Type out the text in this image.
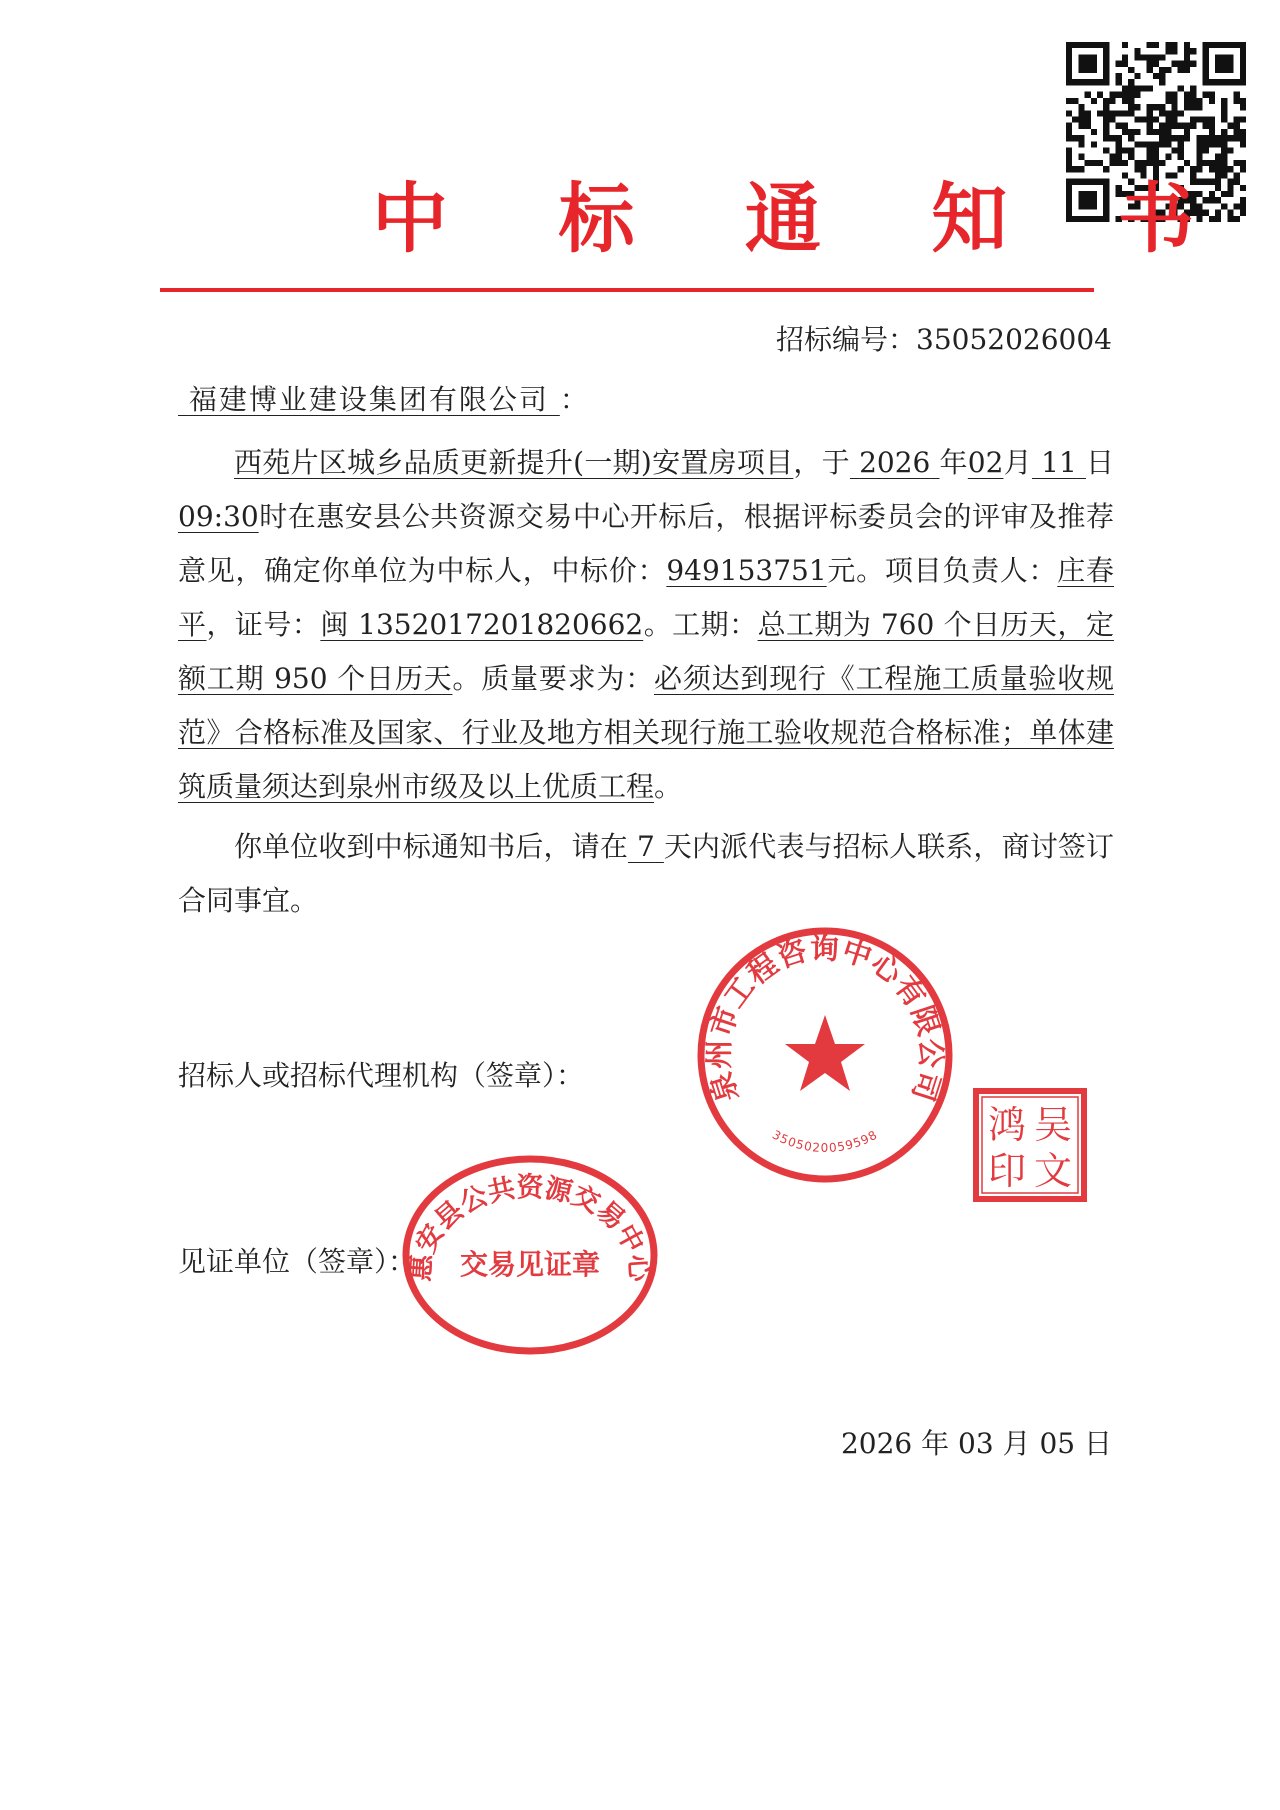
中 标 通 知 书
招标编号：35052026004
福建博业建设集团有限公司 ：

西苑片区城乡品质更新提升(一期)安置房项目，于 2026 年02月 11 日09:30时在惠安县公共资源交易中心开标后，根据评标委员会的评审及推荐意见，确定你单位为中标人，中标价：949153751元。项目负责人：庄春平，证号：闽 1352017201820662。工期：总工期为 760 个日历天，定额工期 950 个日历天。质量要求为：必须达到现行《工程施工质量验收规范》合格标准及国家、行业及地方相关现行施工验收规范合格标准；单体建筑质量须达到泉州市级及以上优质工程。

你单位收到中标通知书后，请在 7 天内派代表与招标人联系，商讨签订合同事宜。

招标人或招标代理机构（签章）：
见证单位（签章）：
2026 年 03 月 05 日
泉州市工程咨询中心有限公司
3505020059598	吴
鸿
文
印
惠安县公共资源交易中心
交易见证章
